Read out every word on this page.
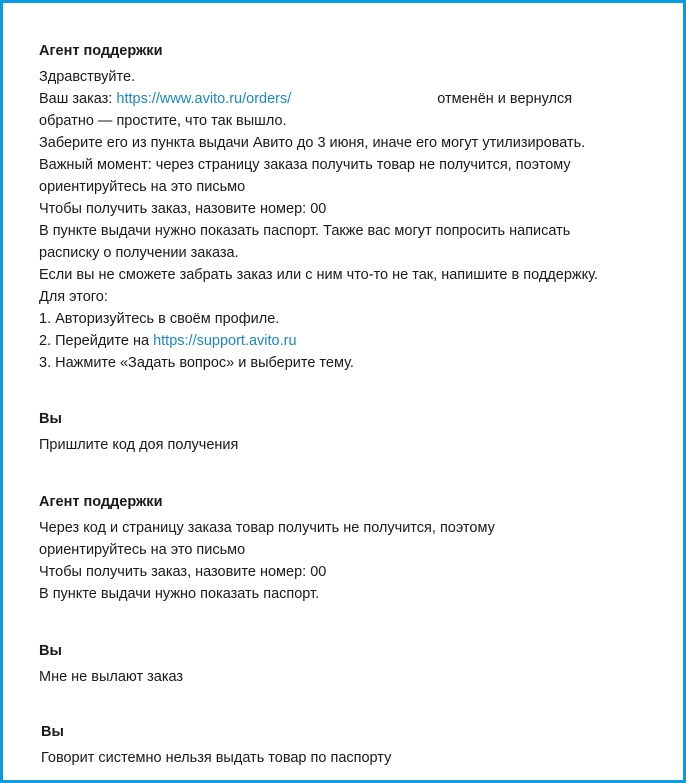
Агент поддержки
Здравствуйте.
Ваш заказ: https://www.avito.ru/orders/	отменён и вернулся
обратно — простите, что так вышло.
Заберите его из пункта выдачи Авито до 3 июня, иначе его могут утилизировать.
Важный момент: через страницу заказа получить товар не получится, поэтому
ориентируйтесь на это письмо
Чтобы получить заказ, назовите номер: 00
В пункте выдачи нужно показать паспорт. Также вас могут попросить написать
расписку о получении заказа.
Если вы не сможете забрать заказ или с ним что-то не так, напишите в поддержку.
Для этого:
1. Авторизуйтесь в своём профиле.
2. Перейдите на https://support.avito.ru
3. Нажмите «Задать вопрос» и выберите тему.
Вы
Пришлите код доя получения
Агент поддержки
Через код и страницу заказа товар получить не получится, поэтому
ориентируйтесь на это письмо
Чтобы получить заказ, назовите номер: 00
В пункте выдачи нужно показать паспорт.
Вы
Мне не вылают заказ
Вы
Говорит системно нельзя выдать товар по паспорту
